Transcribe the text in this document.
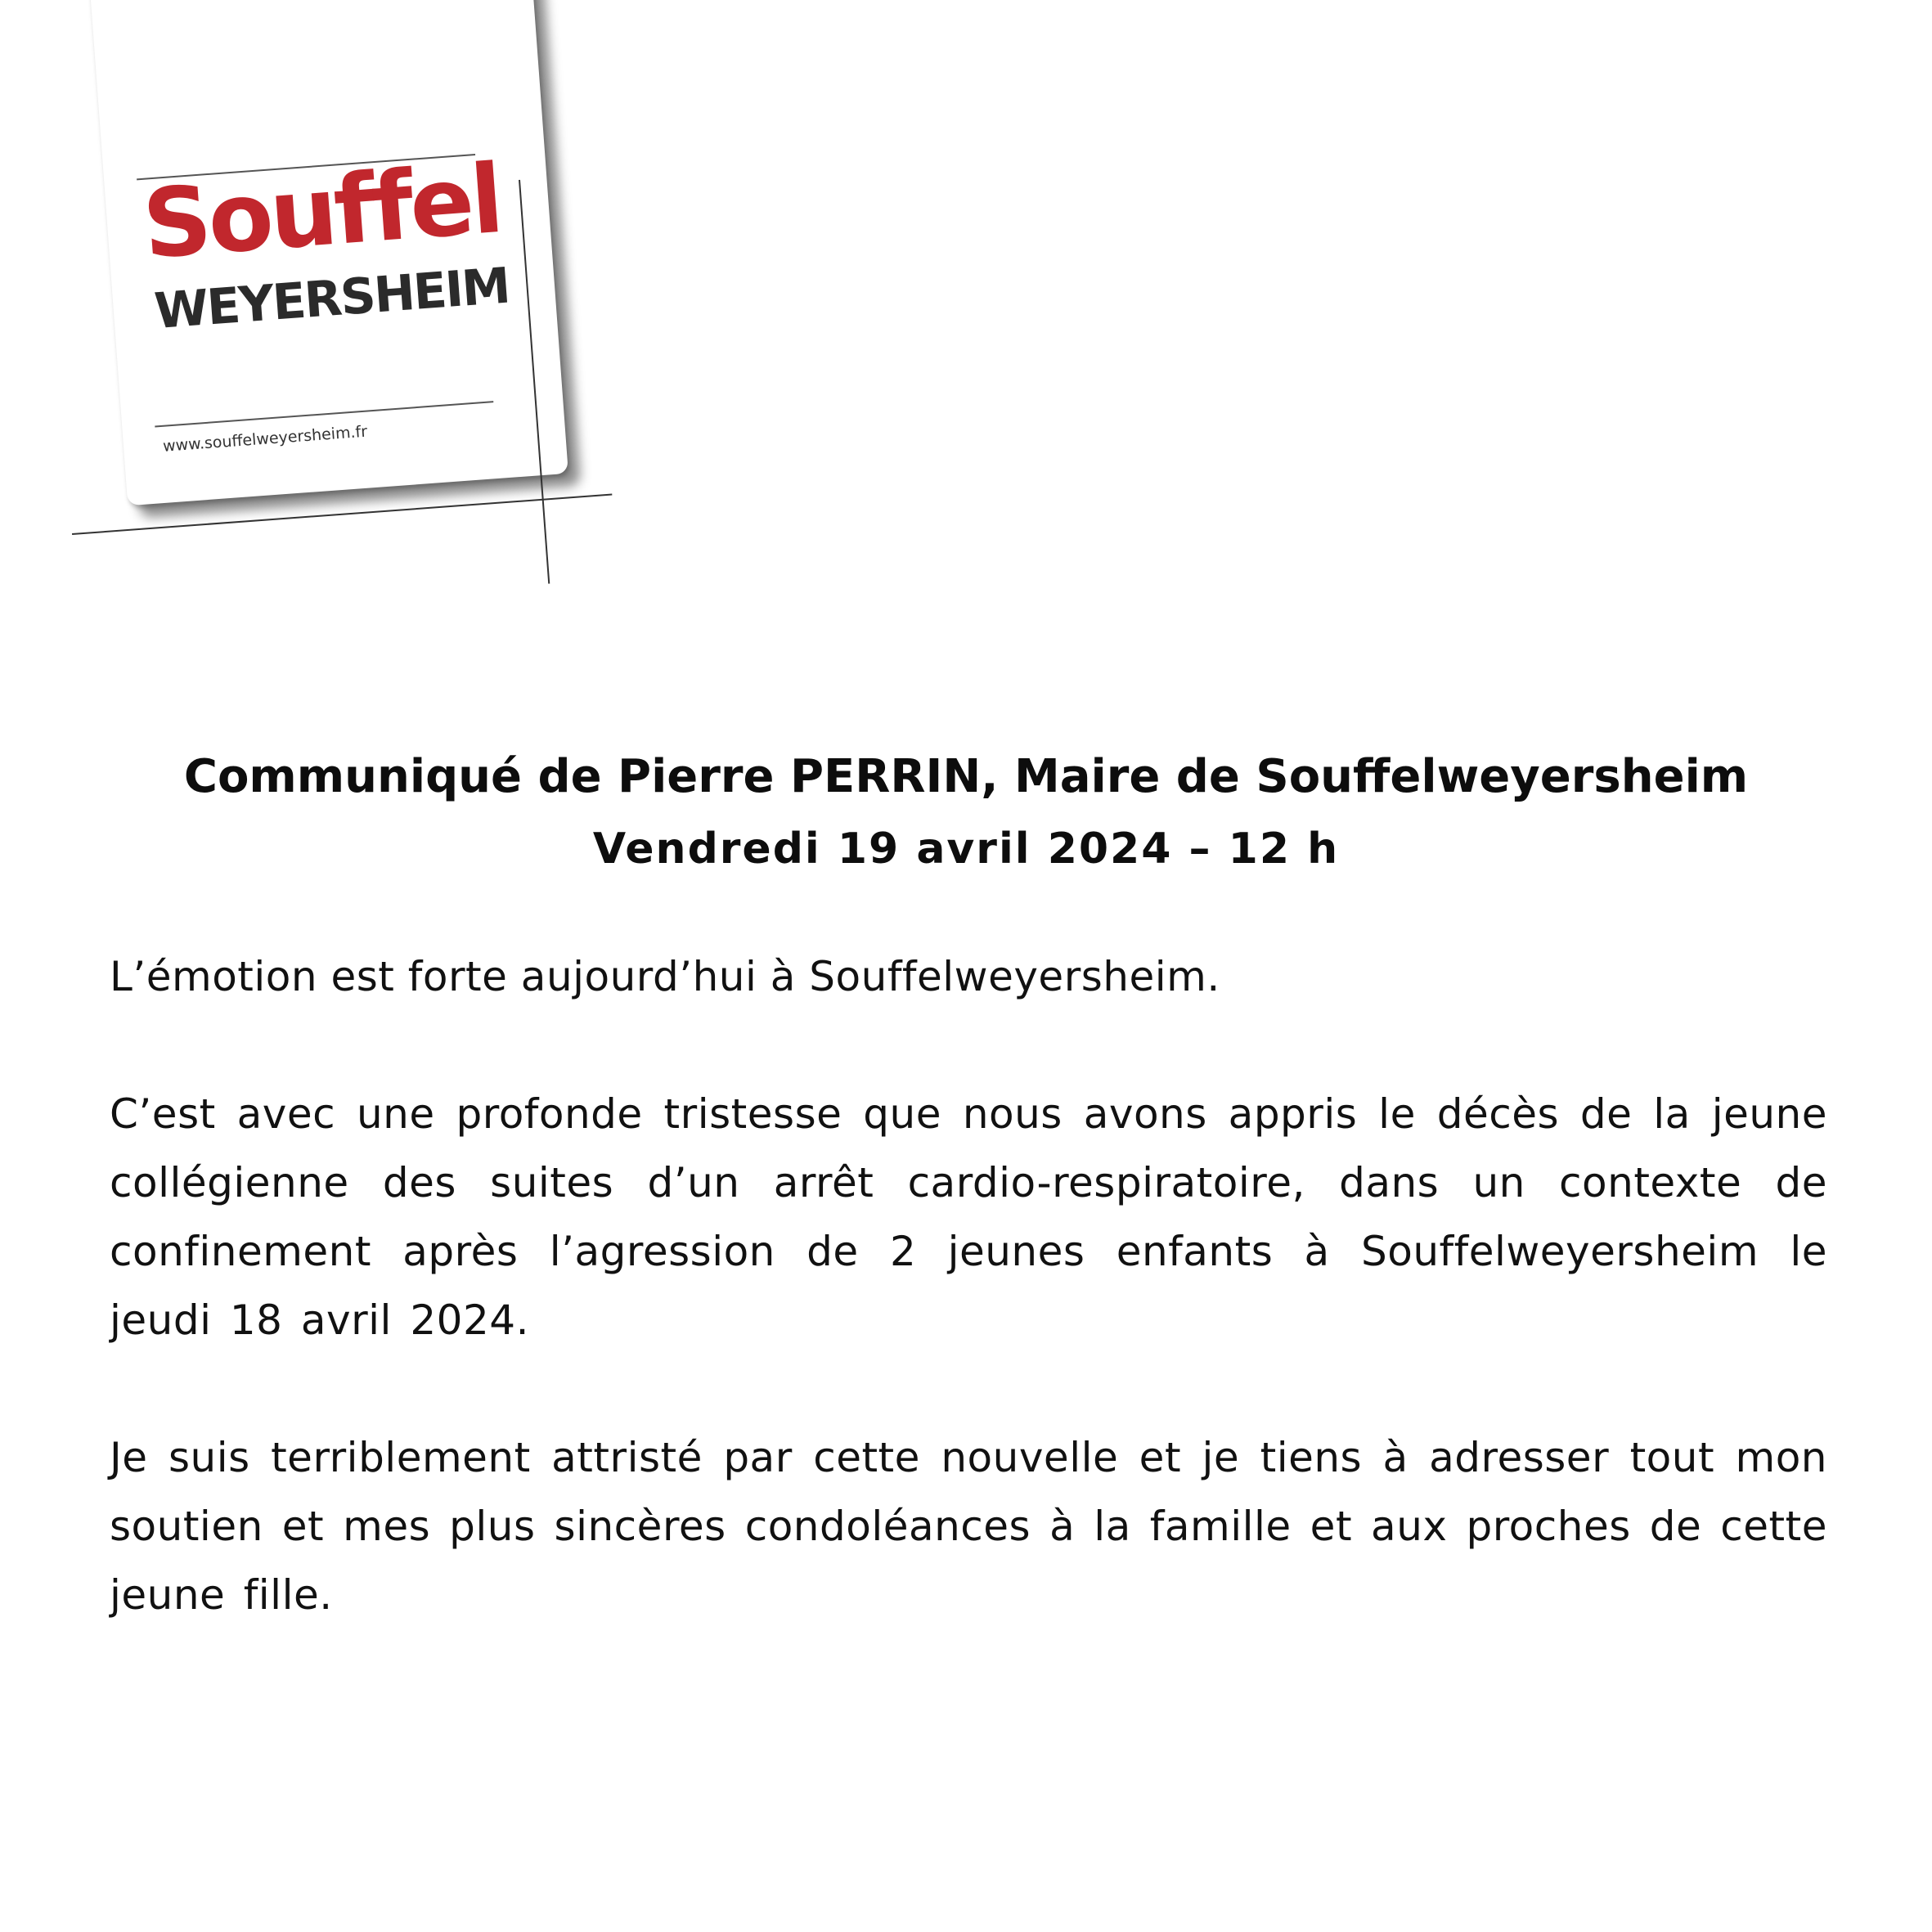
Souffel
WEYERSHEIM
www.souffelweyersheim.fr
Communiqué de Pierre PERRIN, Maire de Souffelweyersheim
Vendredi 19 avril 2024 – 12 h
L’émotion est forte aujourd’hui à Souffelweyersheim.
C’est avec une profonde tristesse que nous avons appris le décès de la jeune collégienne des suites d’un arrêt cardio-respiratoire, dans un contexte de confinement après l’agression de 2 jeunes enfants à Souffelweyersheim le jeudi 18 avril 2024.
Je suis terriblement attristé par cette nouvelle et je tiens à adresser tout mon soutien et mes plus sincères condoléances à la famille et aux proches de cette jeune fille.
